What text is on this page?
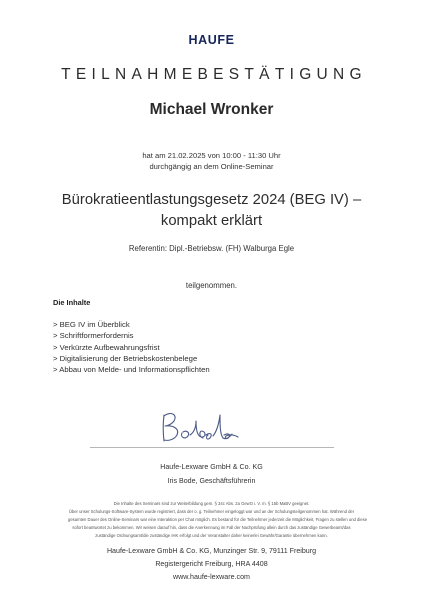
HAUFE
TEILNAHMEBESTÄTIGUNG
Michael Wronker
hat am 21.02.2025 von 10:00 - 11:30 Uhr
durchgängig an dem Online-Seminar
Bürokratieentlastungsgesetz 2024 (BEG IV) –
kompakt erklärt
Referentin: Dipl.-Betriebsw. (FH) Walburga Egle
teilgenommen.
Die Inhalte
> BEG IV im Überblick
> Schriftformerfordernis
> Verkürzte Aufbewahrungsfrist
> Digitalisierung der Betriebskostenbelege
> Abbau von Melde- und Informationspflichten
Haufe-Lexware GmbH & Co. KG
Iris Bode, Geschäftsführerin
Die Inhalte des Seminars sind zur Weiterbildung gem. § 34c Abs. 2a GewO i. V. m. § 15b MaBV geeignet.
Über unser Schulungs-Software-System wurde registriert, dass der o. g. Teilnehmer eingeloggt war und an der Schulungsteilgenommen hat. Während der
gesamten Dauer des Online-Seminars war eine Interaktion per Chat möglich. Es bestand für die Teilnehmer jederzeit die Möglichkeit, Fragen zu stellen und diese
sofort beantwortet zu bekommen. Wir weisen darauf hin, dass die Anerkennung im Fall der Nachprüfung allein durch das zuständige Gewerbeamt/das
zuständige Ordnungsamt/die zuständige IHK erfolgt und der Veranstalter daher keinerlei Gewähr/Garantie übernehmen kann.
Haufe-Lexware GmbH & Co. KG, Munzinger Str. 9, 79111 Freiburg
Registergericht Freiburg, HRA 4408
www.haufe-lexware.com
